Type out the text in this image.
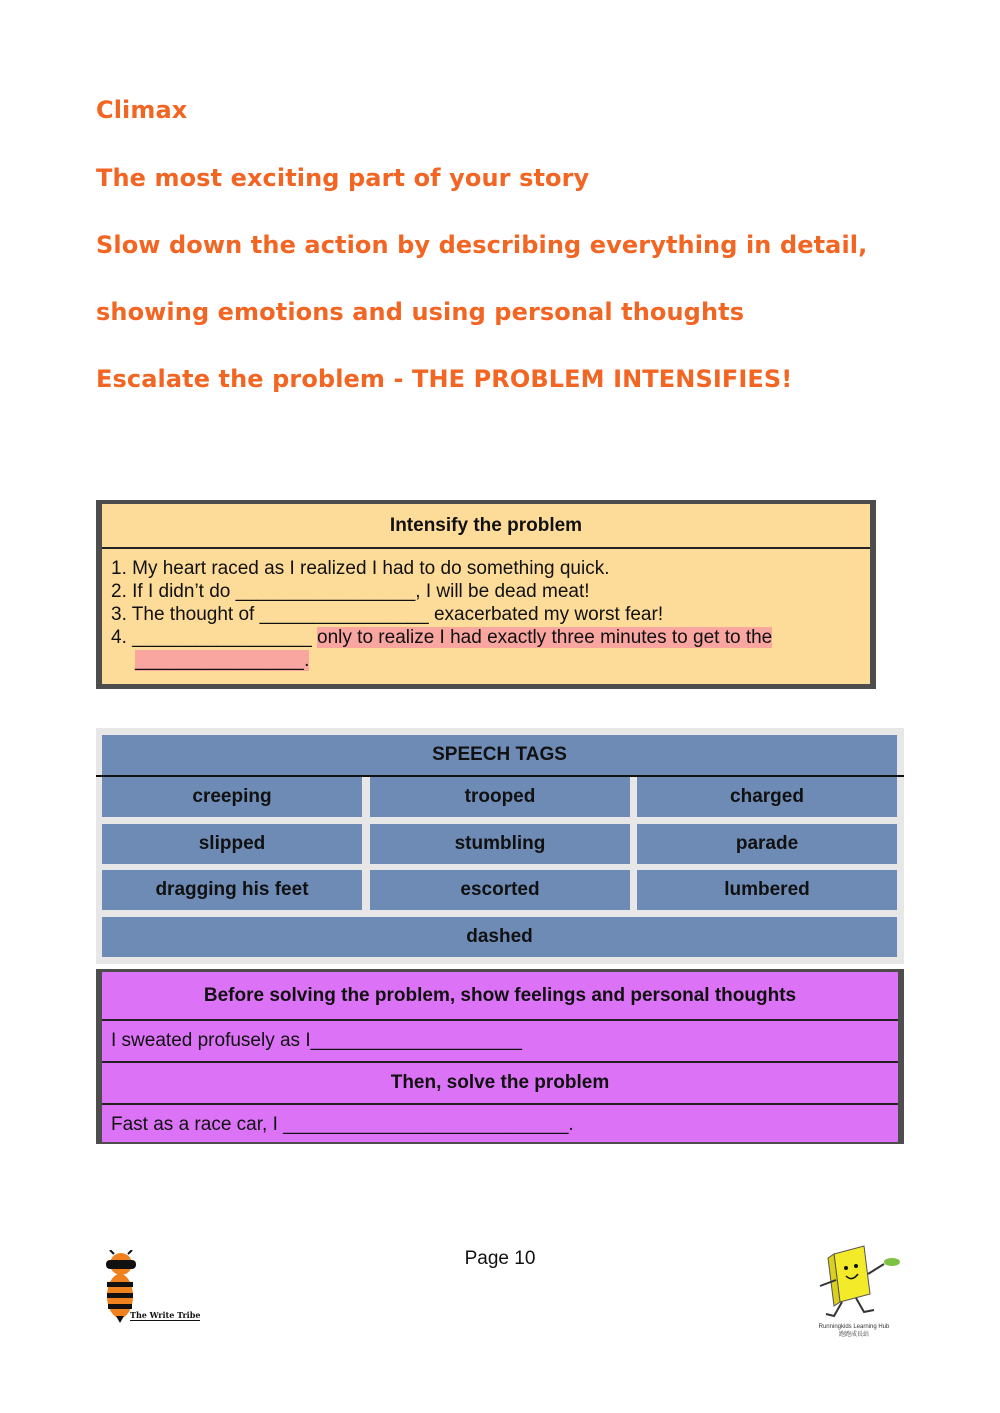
Climax
The most exciting part of your story
Slow down the action by describing everything in detail,
showing emotions and using personal thoughts
Escalate the problem - THE PROBLEM INTENSIFIES!
Intensify the problem
1. My heart raced as I realized I had to do something quick.
2. If I didn’t do _________________, I will be dead meat!
3. The thought of ________________ exacerbated my worst fear!
4. _________________ only to realize I had exactly three minutes to get to the
________________.
SPEECH TAGS
creeping	trooped	charged
slipped	stumbling	parade
dragging his feet	escorted	lumbered
dashed
Before solving the problem, show feelings and personal thoughts
I sweated profusely as I____________________
Then, solve the problem
Fast as a race car, I ___________________________.
Page 10
The Write Tribe
Runningkids Learning Hub
跑跑成長站
